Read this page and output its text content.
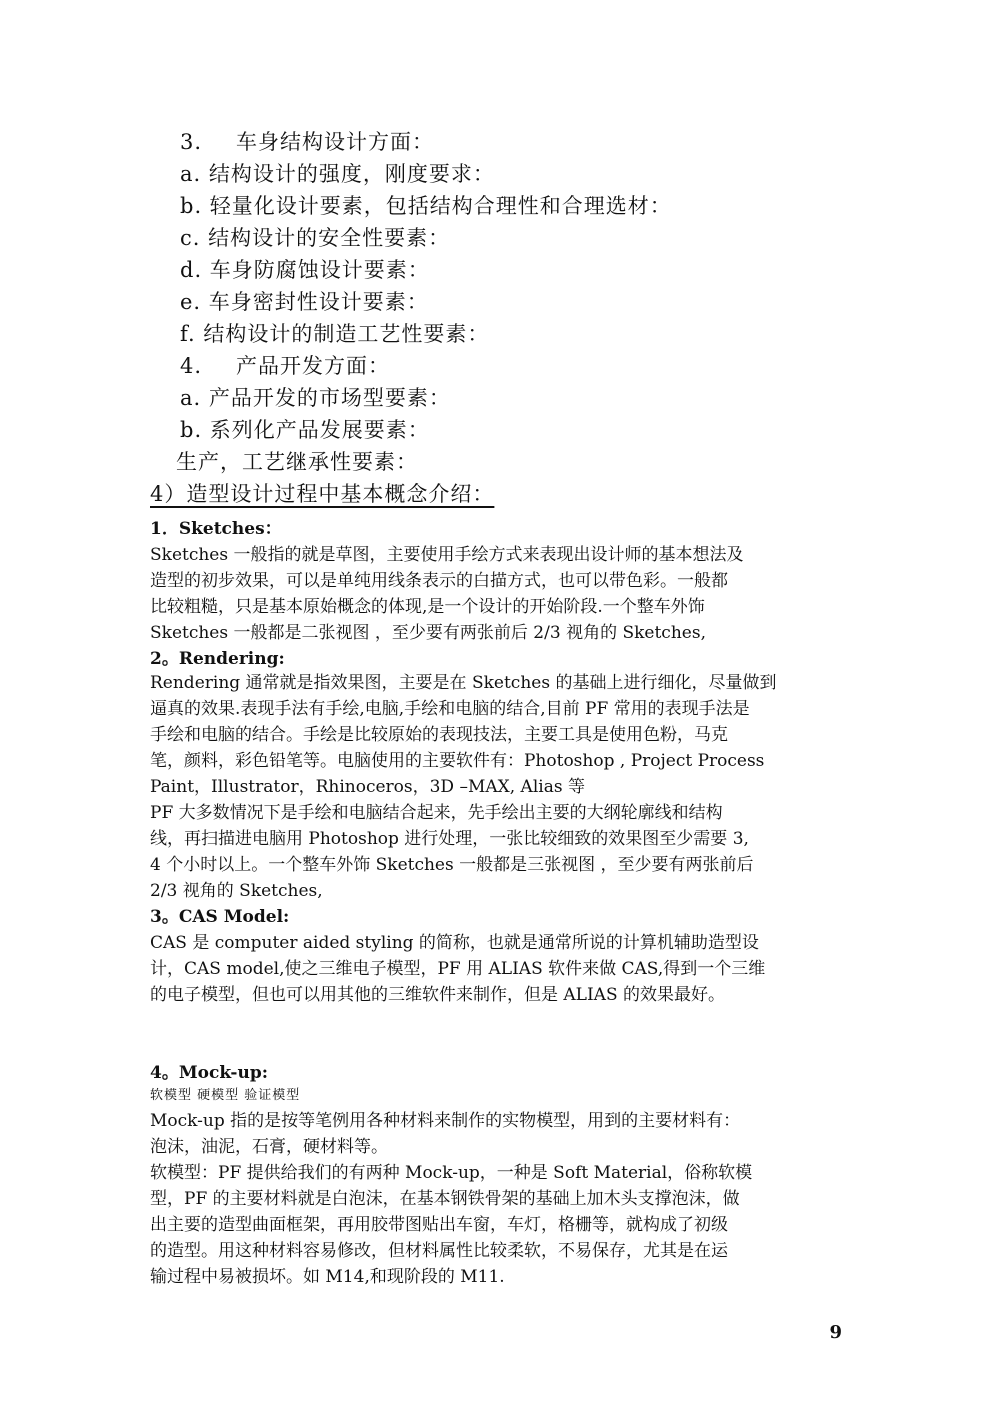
3. 车身结构设计方面：
a. 结构设计的强度，刚度要求：
b. 轻量化设计要素，包括结构合理性和合理选材：
c. 结构设计的安全性要素：
d. 车身防腐蚀设计要素：
e. 车身密封性设计要素：
f. 结构设计的制造工艺性要素：
4. 产品开发方面：
a. 产品开发的市场型要素：
b. 系列化产品发展要素：
生产，工艺继承性要素：
4）造型设计过程中基本概念介绍：
1．Sketches：
Sketches 一般指的就是草图，主要使用手绘方式来表现出设计师的基本想法及
造型的初步效果，可以是单纯用线条表示的白描方式，也可以带色彩。一般都
比较粗糙，只是基本原始概念的体现,是一个设计的开始阶段.一个整车外饰
Sketches 一般都是二张视图 ，至少要有两张前后 2/3 视角的 Sketches,
2。Rendering:
Rendering 通常就是指效果图，主要是在 Sketches 的基础上进行细化，尽量做到
逼真的效果.表现手法有手绘,电脑,手绘和电脑的结合,目前 PF 常用的表现手法是
手绘和电脑的结合。手绘是比较原始的表现技法，主要工具是使用色粉，马克
笔，颜料，彩色铅笔等。电脑使用的主要软件有：Photoshop , Project Process
Paint，Illustrator，Rhinoceros，3D –MAX, Alias 等
PF 大多数情况下是手绘和电脑结合起来，先手绘出主要的大纲轮廓线和结构
线，再扫描进电脑用 Photoshop 进行处理，一张比较细致的效果图至少需要 3,
4 个小时以上。一个整车外饰 Sketches 一般都是三张视图 ，至少要有两张前后
2/3 视角的 Sketches,
3。CAS Model:
CAS 是 computer aided styling 的简称，也就是通常所说的计算机辅助造型设
计，CAS model,使之三维电子模型，PF 用 ALIAS 软件来做 CAS,得到一个三维
的电子模型，但也可以用其他的三维软件来制作，但是 ALIAS 的效果最好。
4。Mock-up:
软模型 硬模型 验证模型
Mock-up 指的是按等笔例用各种材料来制作的实物模型，用到的主要材料有：
泡沫，油泥，石膏，硬材料等。
软模型：PF 提供给我们的有两种 Mock-up，一种是 Soft Material，俗称软模
型，PF 的主要材料就是白泡沫，在基本钢铁骨架的基础上加木头支撑泡沫，做
出主要的造型曲面框架，再用胶带图贴出车窗，车灯，格栅等，就构成了初级
的造型。用这种材料容易修改，但材料属性比较柔软，不易保存，尤其是在运
输过程中易被损坏。如 M14,和现阶段的 M11.
9
